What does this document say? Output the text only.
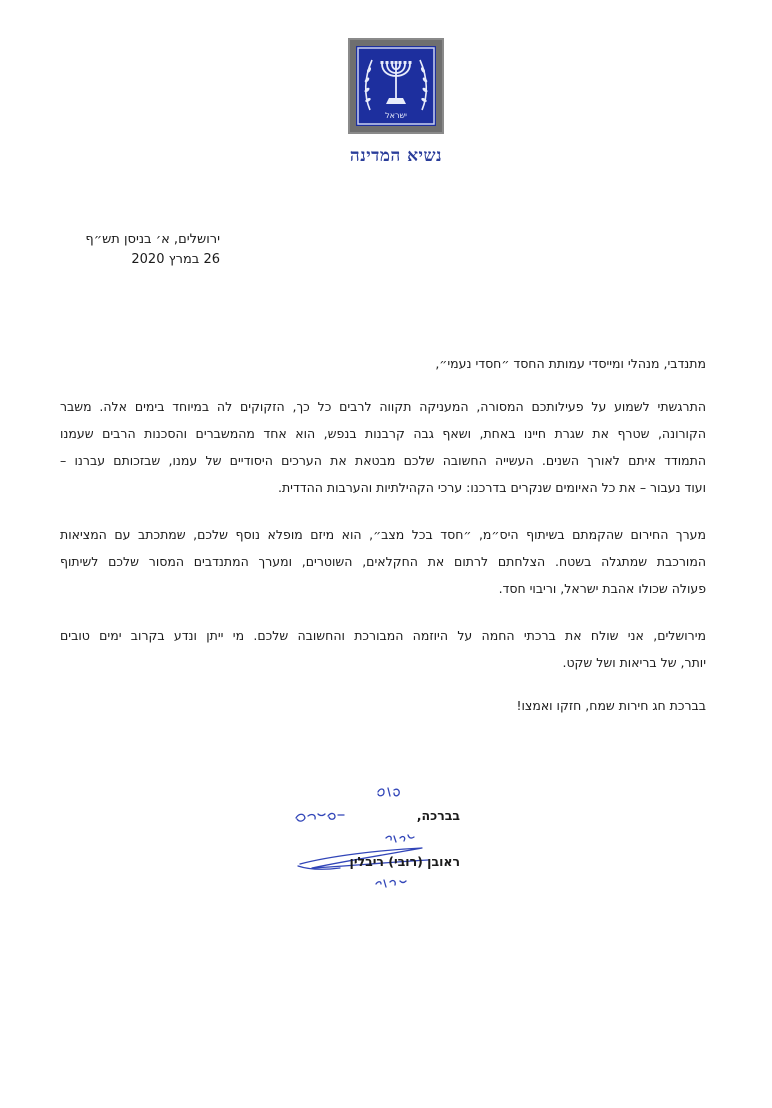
ישראל
נשיא המדינה
ירושלים, א׳ בניסן תש״ף
26 במרץ 2020
מתנדבי, מנהלי ומייסדי עמותת החסד ״חסדי נעמי״,
התרגשתי לשמוע על פעילותכם המסורה, המעניקה תקווה לרבים כל כך, הזקוקים לה במיוחד בימים אלה. משבר
הקורונה, שטרף את שגרת חיינו באחת, ושאף גבה קרבנות בנפש, הוא אחד מהמשברים והסכנות הרבים שעמנו
התמודד איתם לאורך השנים. העשייה החשובה שלכם מבטאת את הערכים היסודיים של עמנו, שבזכותם עברנו –
ועוד נעבור – את כל האיומים שנקרים בדרכנו: ערכי הקהילתיות והערבות ההדדית.
מערך החירום שהקמתם בשיתוף היס״מ, ״חסד בכל מצב״, הוא מיזם מופלא נוסף שלכם, שמתכתב עם המציאות
המורכבת שמתגלה בשטח. הצלחתם לרתום את החקלאים, השוטרים, ומערך המתנדבים המסור שלכם לשיתוף
פעולה שכולו אהבת ישראל, וריבוי חסד.
מירושלים, אני שולח את ברכתי החמה על היוזמה המבורכת והחשובה שלכם. מי ייתן ונדע בקרוב ימים טובים
יותר, של בריאות ושל שקט.
בברכת חג חירות שמח, חזקו ואמצו!
בברכה,
ראובן (רובי) ריבלין
